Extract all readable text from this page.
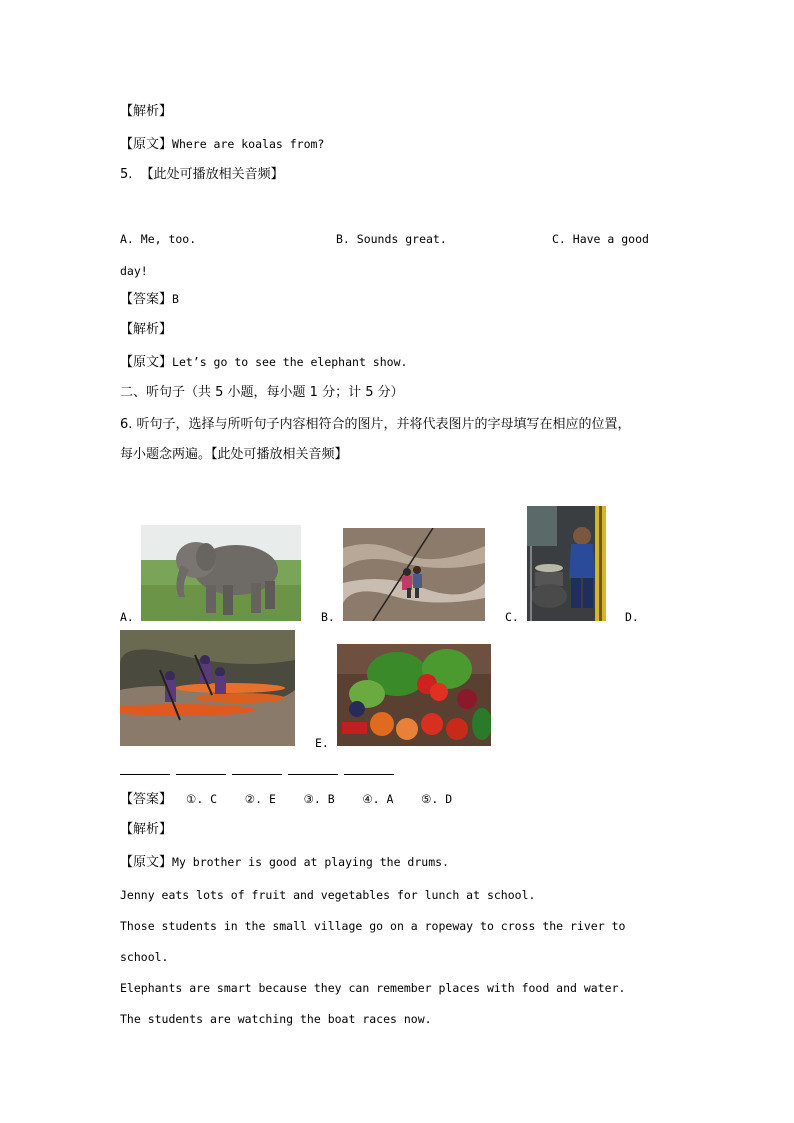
【解析】
【原文】Where are koalas from?
5.  【此处可播放相关音频】
A. Me, too.	B. Sounds great.	C. Have a good
day!
【答案】B
【解析】
【原文】Let’s go to see the elephant show.
二、听句子（共 5 小题，每小题 1 分；计 5 分）
6. 听句子，选择与所听句子内容相符合的图片，并将代表图片的字母填写在相应的位置，
每小题念两遍。【此处可播放相关音频】
A.	B.	C.	D.
E.
【答案】 ①. C    ②. E    ③. B    ④. A    ⑤. D
【解析】
【原文】My brother is good at playing the drums.
Jenny eats lots of fruit and vegetables for lunch at school.
Those students in the small village go on a ropeway to cross the river to
school.
Elephants are smart because they can remember places with food and water.
The students are watching the boat races now.
